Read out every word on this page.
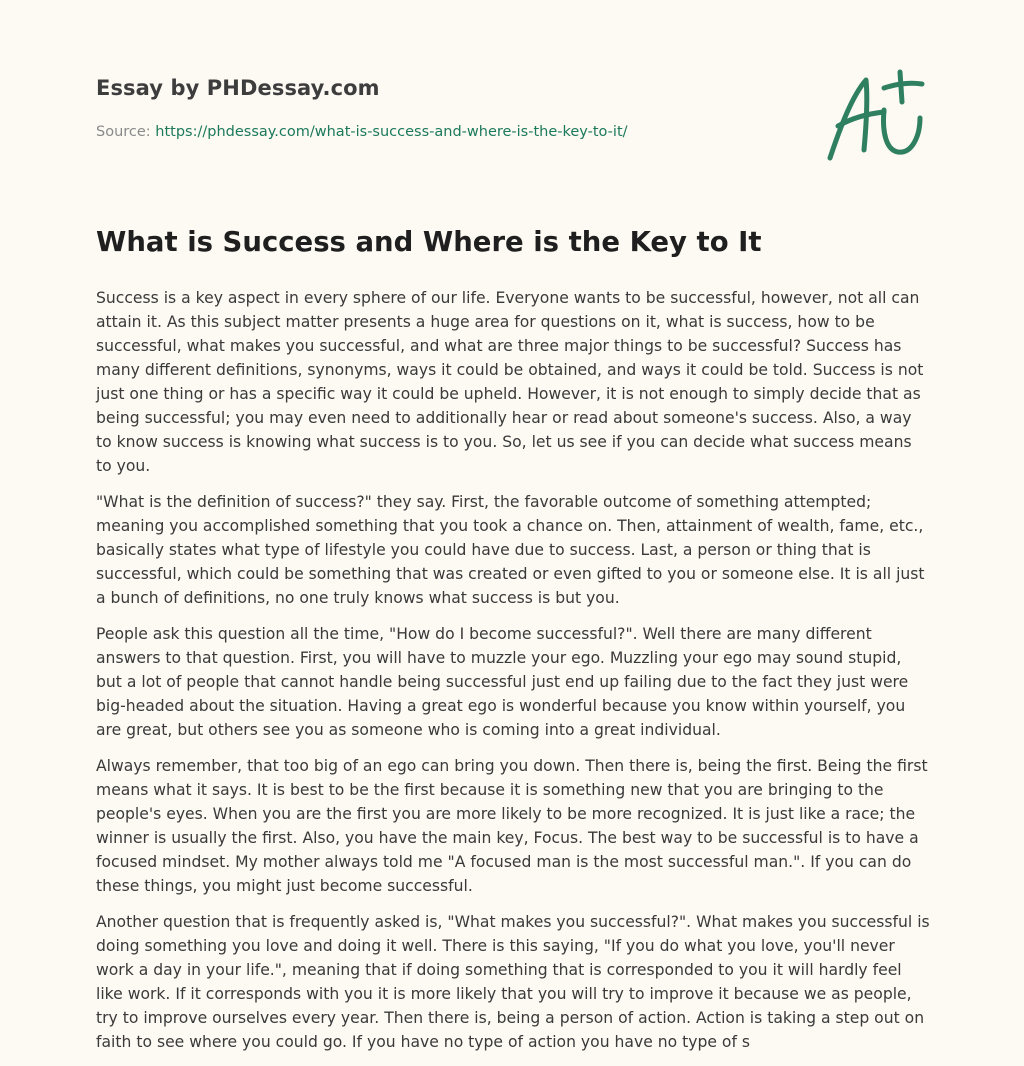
Essay by PHDessay.com
Source: https://phdessay.com/what-is-success-and-where-is-the-key-to-it/
What is Success and Where is the Key to It

Success is a key aspect in every sphere of our life. Everyone wants to be successful, however, not all can attain it. As this subject matter presents a huge area for questions on it, what is success, how to be successful, what makes you successful, and what are three major things to be successful? Success has many different definitions, synonyms, ways it could be obtained, and ways it could be told. Success is not just one thing or has a specific way it could be upheld. However, it is not enough to simply decide that as being successful; you may even need to additionally hear or read about someone's success. Also, a way to know success is knowing what success is to you. So, let us see if you can decide what success means to you.

"What is the definition of success?" they say. First, the favorable outcome of something attempted; meaning you accomplished something that you took a chance on. Then, attainment of wealth, fame, etc., basically states what type of lifestyle you could have due to success. Last, a person or thing that is successful, which could be something that was created or even gifted to you or someone else. It is all just a bunch of definitions, no one truly knows what success is but you.

People ask this question all the time, "How do I become successful?". Well there are many different answers to that question. First, you will have to muzzle your ego. Muzzling your ego may sound stupid, but a lot of people that cannot handle being successful just end up failing due to the fact they just were big-headed about the situation. Having a great ego is wonderful because you know within yourself, you are great, but others see you as someone who is coming into a great individual.

Always remember, that too big of an ego can bring you down. Then there is, being the first. Being the first means what it says. It is best to be the first because it is something new that you are bringing to the people's eyes. When you are the first you are more likely to be more recognized. It is just like a race; the winner is usually the first. Also, you have the main key, Focus. The best way to be successful is to have a focused mindset. My mother always told me "A focused man is the most successful man.". If you can do these things, you might just become successful.

Another question that is frequently asked is, "What makes you successful?". What makes you successful is doing something you love and doing it well. There is this saying, "If you do what you love, you'll never work a day in your life.", meaning that if doing something that is corresponded to you it will hardly feel like work. If it corresponds with you it is more likely that you will try to improve it because we as people, try to improve ourselves every year. Then there is, being a person of action. Action is taking a step out on faith to see where you could go. If you have no type of action you have no type of s
